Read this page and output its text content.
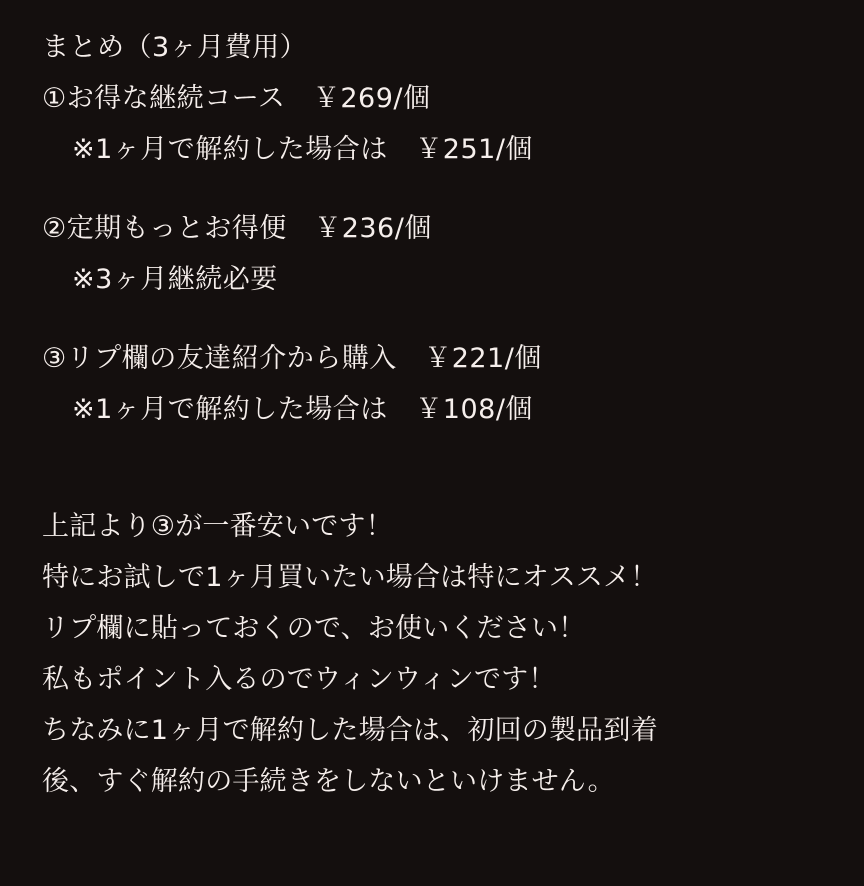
まとめ（3ヶ月費用）
①お得な継続コース　￥269/個
※1ヶ月で解約した場合は　￥251/個
②定期もっとお得便　￥236/個
※3ヶ月継続必要
③リプ欄の友達紹介から購入　￥221/個
※1ヶ月で解約した場合は　￥108/個
上記より③が一番安いです！
特にお試しで1ヶ月買いたい場合は特にオススメ！
リプ欄に貼っておくので、お使いください！
私もポイント入るのでウィンウィンです！
ちなみに1ヶ月で解約した場合は、初回の製品到着
後、すぐ解約の手続きをしないといけません。
